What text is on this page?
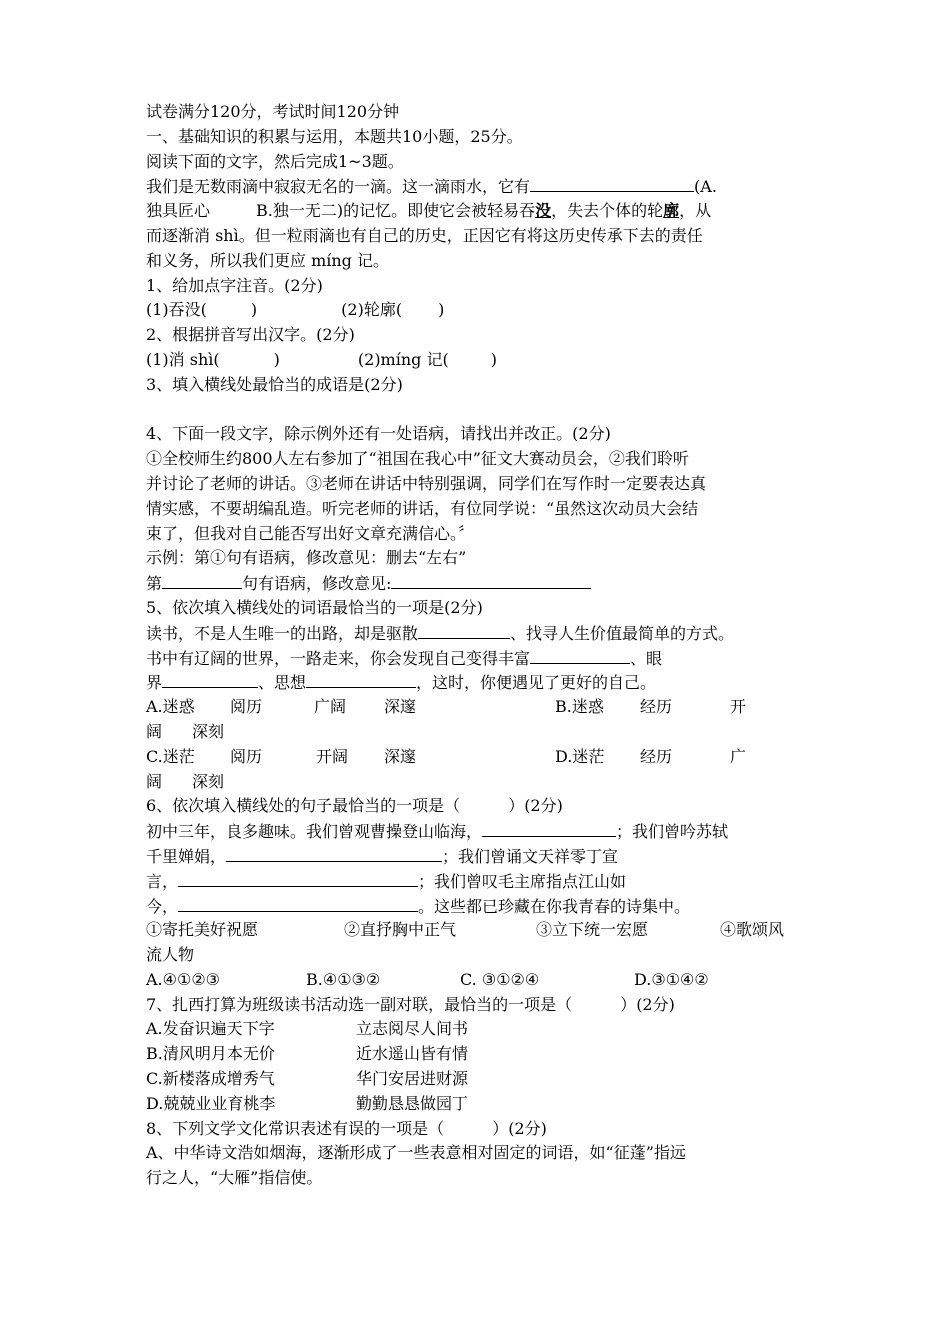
试卷满分120分，考试时间120分钟
一、基础知识的积累与运用，本题共10小题，25分。
阅读下面的文字，然后完成1~3题。
我们是无数雨滴中寂寂无名的一滴。这一滴雨水，它有	(A.
独具匠心	B.独一无二)的记忆。即使它会被轻易吞没，失去个体的轮廓，从
而逐渐消 shì。但一粒雨滴也有自己的历史，正因它有将这历史传承下去的责任
和义务，所以我们更应 míng 记。
1、给加点字注音。(2分)
(1)吞没(	)	(2)轮廓( )
2、根据拼音写出汉字。(2分)
(1)消 shì(	)	(2)míng 记(	)
3、填入横线处最恰当的成语是(2分)
4、下面一段文字，除示例外还有一处语病，请找出并改正。(2分)
①全校师生约800人左右参加了“祖国在我心中”征文大赛动员会，②我们聆听
并讨论了老师的讲话。③老师在讲话中特别强调，同学们在写作时一定要表达真
情实感，不要胡编乱造。听完老师的讲话，有位同学说：“虽然这次动员大会结
束了，但我对自己能否写出好文章充满信心。〞
示例：第①句有语病，修改意见：删去“左右”
第	句有语病，修改意见:
5、依次填入横线处的词语最恰当的一项是(2分)
读书，不是人生唯一的出路，却是驱散	、找寻人生价值最简单的方式。
书中有辽阔的世界，一路走来，你会发现自己变得丰富	、眼
界	、思想	，这时，你便遇见了更好的自己。
A.迷惑 阅历	广阔 深邃	B.迷惑 经历	开
阔 深刻
C.迷茫 阅历	开阔 深邃	D.迷茫 经历	广
阔 深刻
6、依次填入横线处的句子最恰当的一项是（	）(2分)
初中三年，良多趣味。我们曾观曹操登山临海，	；我们曾吟苏轼
千里婵娟，	；我们曾诵文天祥零丁宣
言，	；我们曾叹毛主席指点江山如
今，	。这些都已珍藏在你我青春的诗集中。
①寄托美好祝愿	②直抒胸中正气	③立下统一宏愿	④歌颂风
流人物
A.④①②③	B.④①③②	C. ③①②④	D.③①④②
7、扎西打算为班级读书活动选一副对联，最恰当的一项是（	）(2分)
A.发奋识遍天下字	立志阅尽人间书
B.清风明月本无价	近水遥山皆有情
C.新楼落成增秀气	华门安居进财源
D.兢兢业业育桃李	勤勤恳恳做园丁
8、下列文学文化常识表述有误的一项是（	）(2分)
A、中华诗文浩如烟海，逐渐形成了一些表意相对固定的词语，如“征蓬”指远
行之人，“大雁”指信使。
